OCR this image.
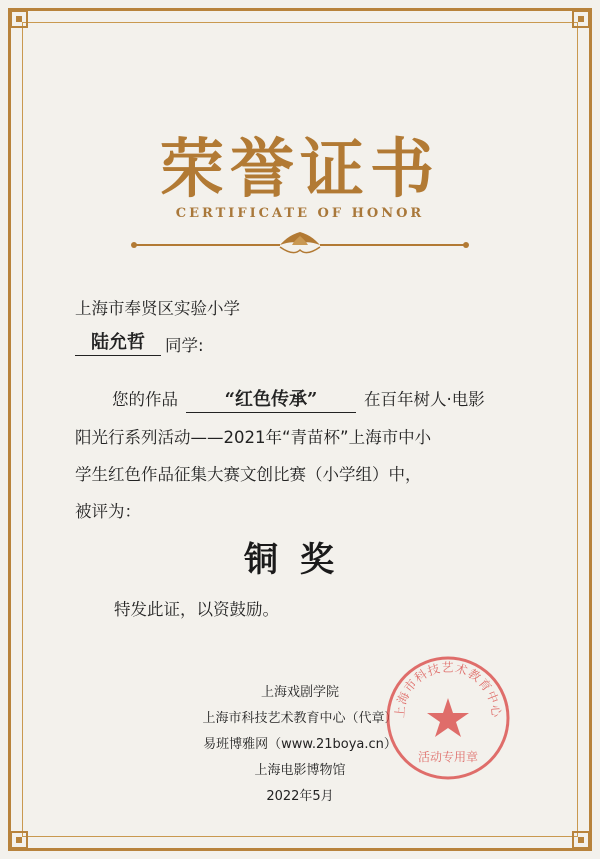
荣誉证书
CERTIFICATE OF HONOR
上海市奉贤区实验小学
陆允哲	同学:
您的作品	“红色传承”	在百年树人·电影
阳光行系列活动——2021年“青苗杯”上海市中小
学生红色作品征集大赛文创比赛（小学组）中，
被评为：
铜奖
特发此证，以资鼓励。
上海戏剧学院
上海市科技艺术教育中心（代章）
易班博雅网（www.21boya.cn）
上海电影博物馆
2022年5月
上海市科技艺术教育中心
活动专用章
